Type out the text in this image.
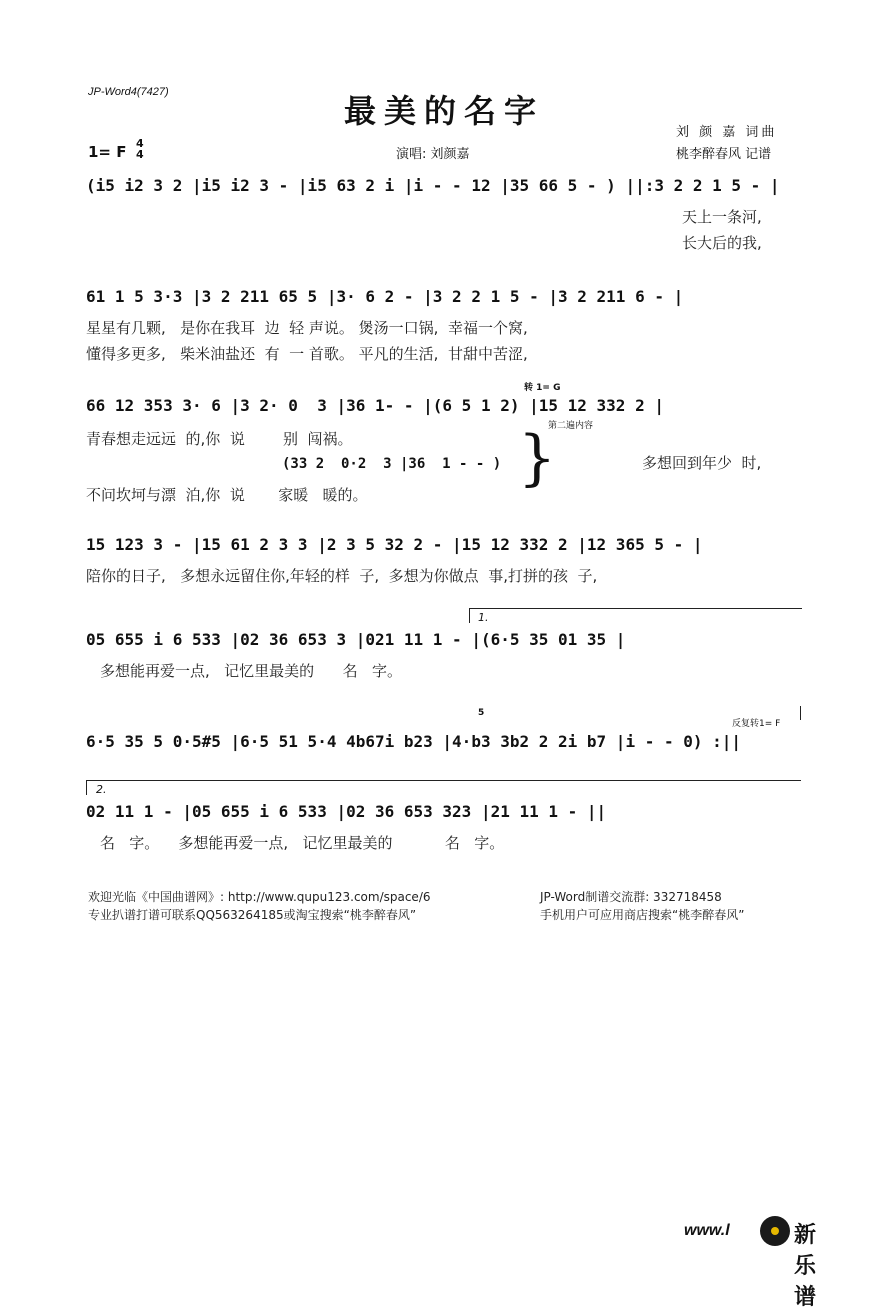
JP-Word4(7427)	最美的名字
刘 颜 嘉 词曲
桃李醉春风 记谱
演唱: 刘颜嘉
1= F 4
4
(i5 i2 3 2 |i5 i2 3 - |i5 63 2 i |i - - 12 |35 66 5 - ) ||:3 2 2 1 5 - |
天上一条河,
长大后的我,
61 1 5 3·3 |3 2 211 65 5 |3· 6 2 - |3 2 2 1 5 - |3 2 211 6 - |
星星有几颗,   是你在我耳  边  轻 声说。 煲汤一口锅,  幸福一个窝,
懂得多更多,   柴米油盐还  有  一 首歌。 平凡的生活,  甘甜中苦涩,
转 1= G
66 12 353 3· 6 |3 2· 0  3 |36 1- - |(6 5 1 2) |15 12 332 2 |
第二遍内容
青春想走远远  的,你  说        别  闯祸。
(33 2  0·2  3 |36  1 - - )
不问坎坷与漂  泊,你  说       家暖   暖的。
}	多想回到年少  时,
15 123 3 - |15 61 2 3 3 |2 3 5 32 2 - |15 12 332 2 |12 365 5 - |
陪你的日子,   多想永远留住你,年轻的样  子,  多想为你做点  事,打拼的孩  子,
1.
05 655 i 6 533 |02 36 653 3 |021 11 1 - |(6·5 35 01 35 |
多想能再爱一点,   记忆里最美的      名   字。
5
反复转1= F
6·5 35 5 0·5#5 |6·5 51 5·4 4b67i b23 |4·b3 3b2 2 2i b7 |i - - 0) :||
2.
02 11 1 - |05 655 i 6 533 |02 36 653 323 |21 11 1 - ||
名   字。    多想能再爱一点,   记忆里最美的           名   字。
欢迎光临《中国曲谱网》: http://www.qupu123.com/space/6
专业扒谱打谱可联系QQ563264185或淘宝搜索“桃李醉春风”
JP-Word制谱交流群: 332718458
手机用户可应用商店搜索“桃李醉春风”
www.l	新乐谱
